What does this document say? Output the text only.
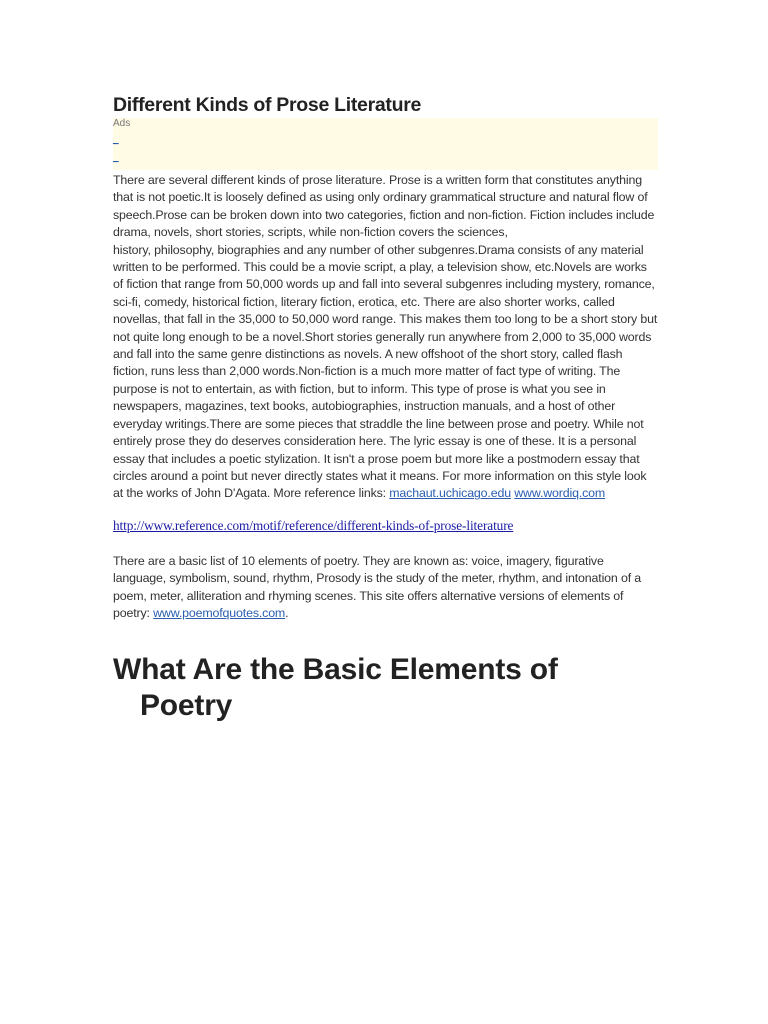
Different Kinds of Prose Literature
Ads
_
_

There are several different kinds of prose literature. Prose is a written form that constitutes anything that is not poetic.It is loosely defined as using only ordinary grammatical structure and natural flow of speech.Prose can be broken down into two categories, fiction and non-fiction. Fiction includes include drama, novels, short stories, scripts, while non-fiction covers the sciences,
history, philosophy, biographies and any number of other subgenres.Drama consists of any material written to be performed. This could be a movie script, a play, a television show, etc.Novels are works of fiction that range from 50,000 words up and fall into several subgenres including mystery, romance, sci-fi, comedy, historical fiction, literary fiction, erotica, etc. There are also shorter works, called novellas, that fall in the 35,000 to 50,000 word range. This makes them too long to be a short story but not quite long enough to be a novel.Short stories generally run anywhere from 2,000 to 35,000 words and fall into the same genre distinctions as novels. A new offshoot of the short story, called flash fiction, runs less than 2,000 words.Non-fiction is a much more matter of fact type of writing. The purpose is not to entertain, as with fiction, but to inform. This type of prose is what you see in newspapers, magazines, text books, autobiographies, instruction manuals, and a host of other everyday writings.There are some pieces that straddle the line between prose and poetry. While not entirely prose they do deserves consideration here. The lyric essay is one of these. It is a personal essay that includes a poetic stylization. It isn't a prose poem but more like a postmodern essay that circles around a point but never directly states what it means. For more information on this style look at the works of John D'Agata. More reference links: machaut.uchicago.edu www.wordiq.com

http://www.reference.com/motif/reference/different-kinds-of-prose-literature

There are a basic list of 10 elements of poetry. They are known as: voice, imagery, figurative language, symbolism, sound, rhythm, Prosody is the study of the meter, rhythm, and intonation of a poem, meter, alliteration and rhyming scenes. This site offers alternative versions of elements of poetry: www.poemofquotes.com.

What Are the Basic Elements of
Poetry
